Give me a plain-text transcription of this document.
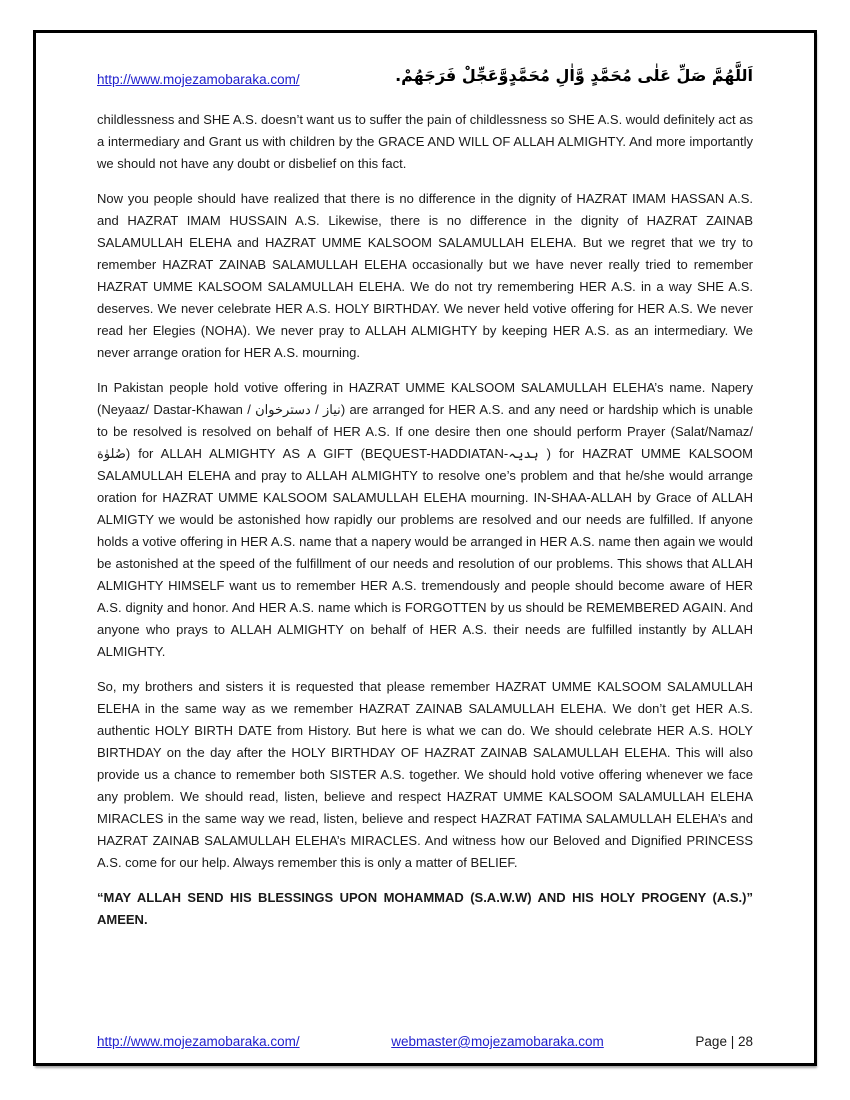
http://www.mojezamobaraka.com/	اَللَّهُمَّ صَلِّ عَلٰى مُحَمَّدٍ وَّاٰلِ مُحَمَّدٍوَّعَجِّلْ فَرَجَهُمْ.

childlessness and SHE A.S. doesn’t want us to suffer the pain of childlessness so SHE A.S. would definitely act as a intermediary and Grant us with children by the GRACE AND WILL OF ALLAH ALMIGHTY. And more importantly we should not have any doubt or disbelief on this fact.

Now you people should have realized that there is no difference in the dignity of HAZRAT IMAM HASSAN A.S. and HAZRAT IMAM HUSSAIN A.S. Likewise, there is no difference in the dignity of HAZRAT ZAINAB SALAMULLAH ELEHA and HAZRAT UMME KALSOOM SALAMULLAH ELEHA. But we regret that we try to remember HAZRAT ZAINAB SALAMULLAH ELEHA occasionally but we have never really tried to remember HAZRAT UMME KALSOOM SALAMULLAH ELEHA. We do not try remembering HER A.S. in a way SHE A.S. deserves. We never celebrate HER A.S. HOLY BIRTHDAY. We never held votive offering for HER A.S. We never read her Elegies (NOHA). We never pray to ALLAH ALMIGHTY by keeping HER A.S. as an intermediary. We never arrange oration for HER A.S. mourning.

In Pakistan people hold votive offering in HAZRAT UMME KALSOOM SALAMULLAH ELEHA’s name. Napery (Neyaaz/ Dastar-Khawan / نیاز / دسترخوان) are arranged for HER A.S. and any need or hardship which is unable to be resolved is resolved on behalf of HER A.S. If one desire then one should perform Prayer (Salat/Namaz/صُلوٰة) for ALLAH ALMIGHTY AS A GIFT (BEQUEST-HADDIATAN-ہدیہ ) for HAZRAT UMME KALSOOM SALAMULLAH ELEHA and pray to ALLAH ALMIGHTY to resolve one’s problem and that he/she would arrange oration for HAZRAT UMME KALSOOM SALAMULLAH ELEHA mourning. IN-SHAA-ALLAH by Grace of ALLAH ALMIGTY we would be astonished how rapidly our problems are resolved and our needs are fulfilled. If anyone holds a votive offering in HER A.S. name that a napery would be arranged in HER A.S. name then again we would be astonished at the speed of the fulfillment of our needs and resolution of our problems. This shows that ALLAH ALMIGHTY HIMSELF want us to remember HER A.S. tremendously and people should become aware of HER A.S. dignity and honor. And HER A.S. name which is FORGOTTEN by us should be REMEMBERED AGAIN. And anyone who prays to ALLAH ALMIGHTY on behalf of HER A.S. their needs are fulfilled instantly by ALLAH ALMIGHTY.

So, my brothers and sisters it is requested that please remember HAZRAT UMME KALSOOM SALAMULLAH ELEHA in the same way as we remember HAZRAT ZAINAB SALAMULLAH ELEHA. We don’t get HER A.S. authentic HOLY BIRTH DATE from History. But here is what we can do. We should celebrate HER A.S. HOLY BIRTHDAY on the day after the HOLY BIRTHDAY OF HAZRAT ZAINAB SALAMULLAH ELEHA. This will also provide us a chance to remember both SISTER A.S. together. We should hold votive offering whenever we face any problem. We should read, listen, believe and respect HAZRAT UMME KALSOOM SALAMULLAH ELEHA MIRACLES in the same way we read, listen, believe and respect HAZRAT FATIMA SALAMULLAH ELEHA’s and HAZRAT ZAINAB SALAMULLAH ELEHA’s MIRACLES. And witness how our Beloved and Dignified PRINCESS A.S. come for our help. Always remember this is only a matter of BELIEF.

“MAY ALLAH SEND HIS BLESSINGS UPON MOHAMMAD (S.A.W.W) AND HIS HOLY PROGENY (A.S.)” AMEEN.

http://www.mojezamobaraka.com/	webmaster@mojezamobaraka.com	Page | 28
